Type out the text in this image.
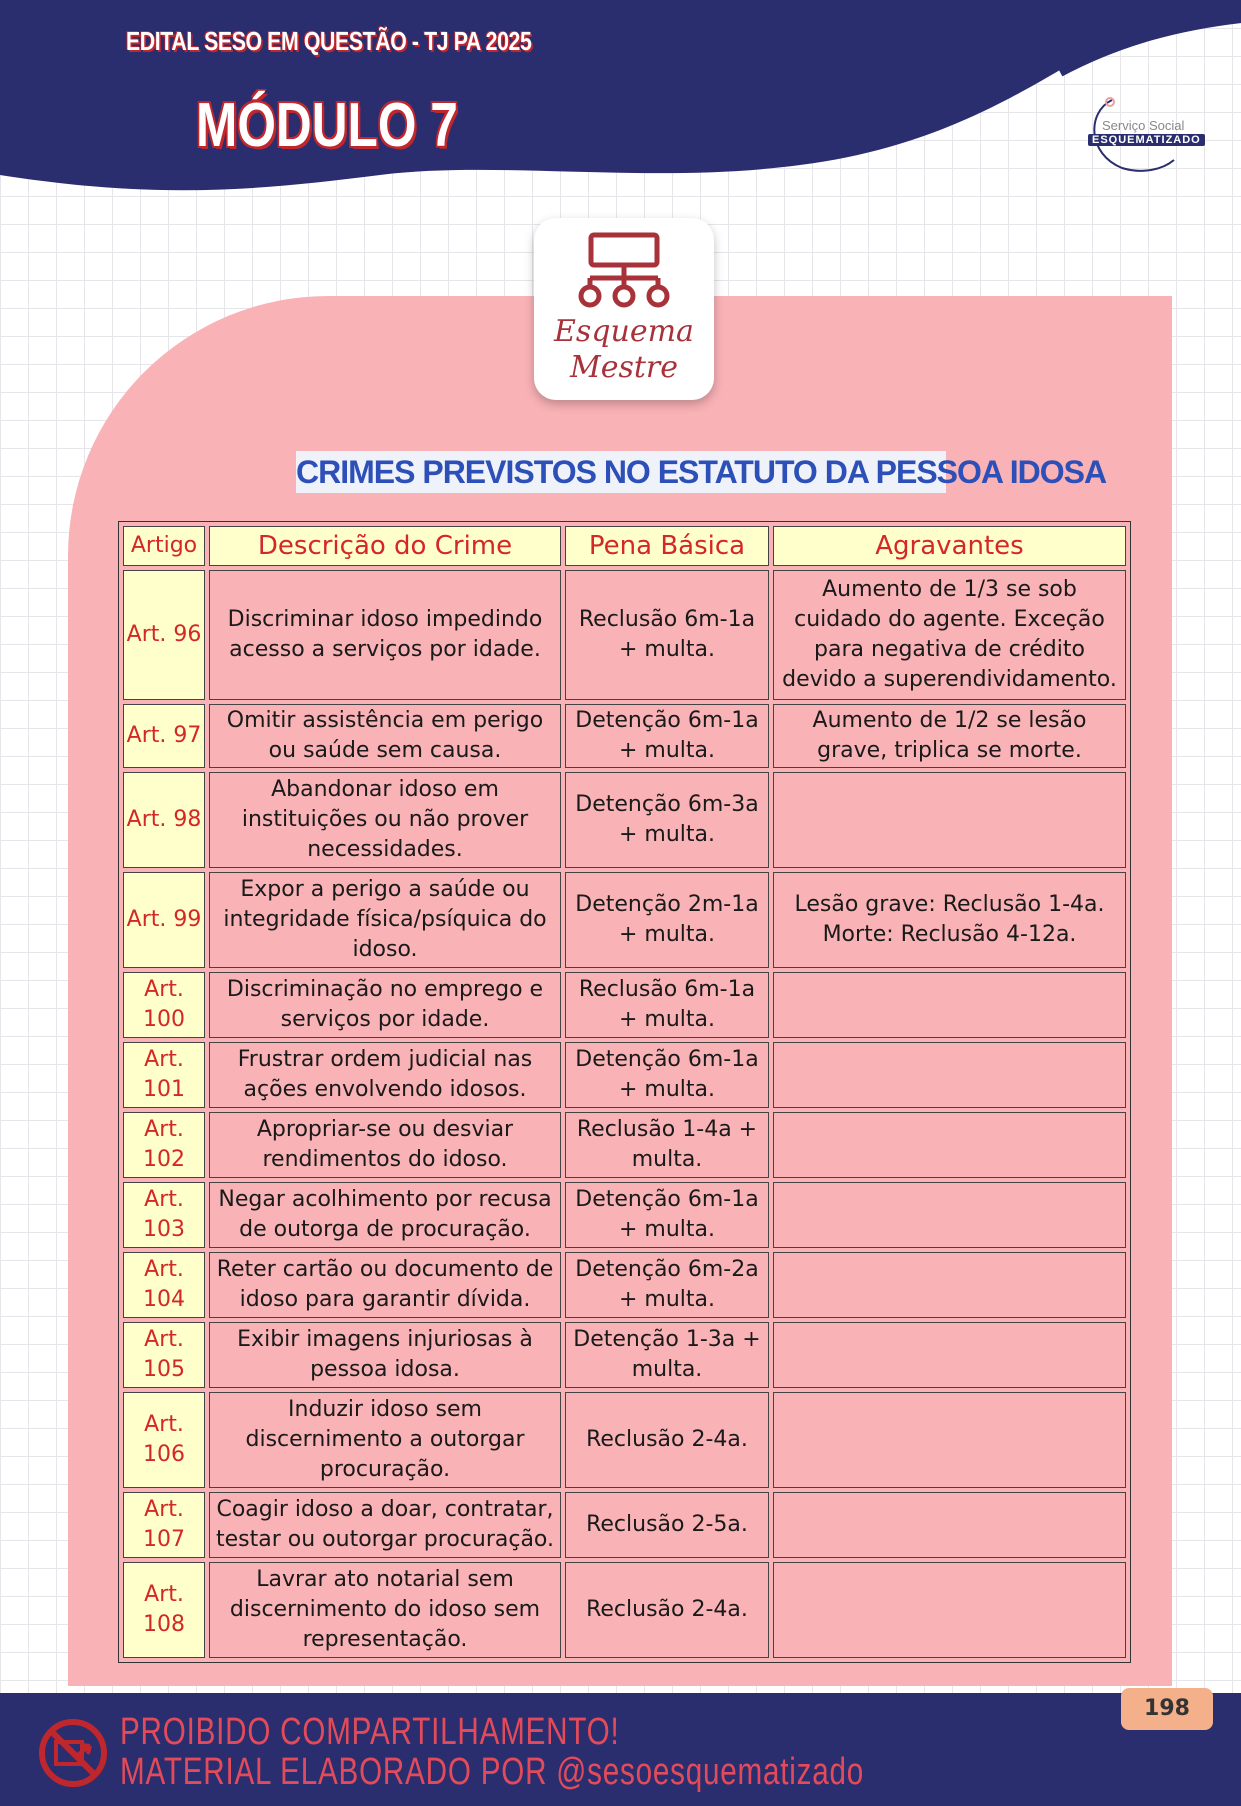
EDITAL SESO EM QUESTÃO - TJ PA 2025
MÓDULO 7	Serviço Social
ESQUEMATIZADO
Esquema
Mestre
CRIMES PREVISTOS NO ESTATUTO DA PESSOA IDOSA
Artigo	Descrição do Crime	Pena Básica	Agravantes
Art. 96	Discriminar idoso impedindo acesso a serviços por idade.	Reclusão 6m-1a + multa.	Aumento de 1/3 se sob cuidado do agente. Exceção para negativa de crédito devido a superendividamento.
Art. 97	Omitir assistência em perigo ou saúde sem causa.	Detenção 6m-1a + multa.	Aumento de 1/2 se lesão grave, triplica se morte.
Art. 98	Abandonar idoso em instituições ou não prover necessidades.	Detenção 6m-3a + multa.	
Art. 99	Expor a perigo a saúde ou integridade física/psíquica do idoso.	Detenção 2m-1a + multa.	Lesão grave: Reclusão 1-4a. Morte: Reclusão 4-12a.
Art. 100	Discriminação no emprego e serviços por idade.	Reclusão 6m-1a + multa.	
Art. 101	Frustrar ordem judicial nas ações envolvendo idosos.	Detenção 6m-1a + multa.	
Art. 102	Apropriar-se ou desviar rendimentos do idoso.	Reclusão 1-4a + multa.	
Art. 103	Negar acolhimento por recusa de outorga de procuração.	Detenção 6m-1a + multa.	
Art. 104	Reter cartão ou documento de idoso para garantir dívida.	Detenção 6m-2a + multa.	
Art. 105	Exibir imagens injuriosas à pessoa idosa.	Detenção 1-3a + multa.	
Art. 106	Induzir idoso sem discernimento a outorgar procuração.	Reclusão 2-4a.	
Art. 107	Coagir idoso a doar, contratar, testar ou outorgar procuração.	Reclusão 2-5a.	
Art. 108	Lavrar ato notarial sem discernimento do idoso sem representação.	Reclusão 2-4a.	
PROIBIDO COMPARTILHAMENTO!
MATERIAL ELABORADO POR @sesoesquematizado
198
